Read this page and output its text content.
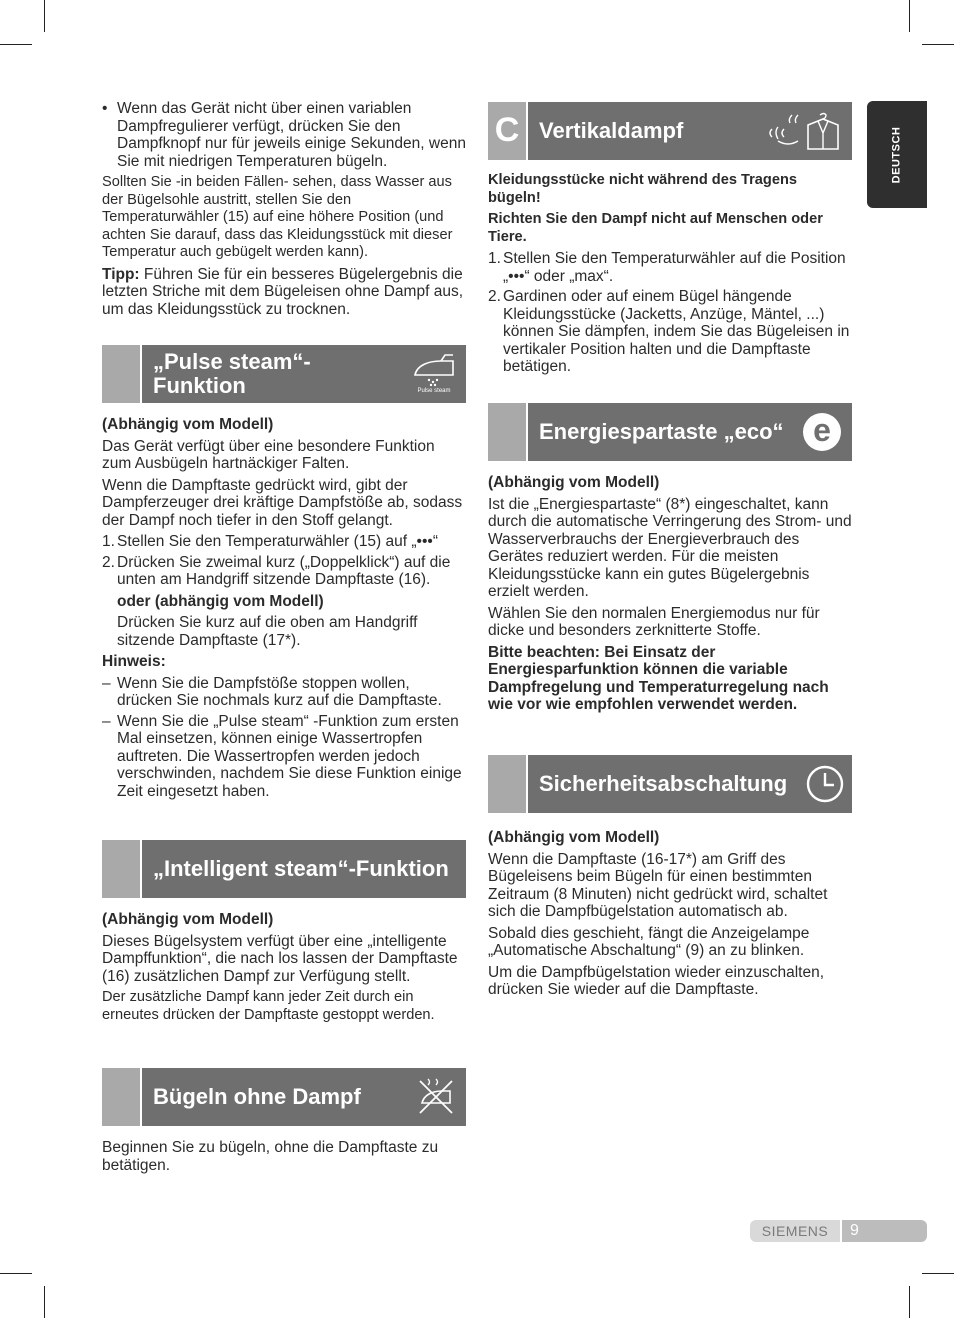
DEUTSCH
• Wenn das Gerät nicht über einen variablen Dampfregulierer verfügt, drücken Sie den Dampfknopf nur für jeweils einige Sekunden, wenn Sie mit niedrigen Temperaturen bügeln.

Sollten Sie -in beiden Fällen- sehen, dass Wasser aus der Bügelsohle austritt, stellen Sie den Temperaturwähler (15) auf eine höhere Position (und achten Sie darauf, dass das Kleidungsstück mit dieser Temperatur auch gebügelt werden kann).

Tipp: Führen Sie für ein besseres Bügelergebnis die letzten Striche mit dem Bügeleisen ohne Dampf aus, um das Kleidungsstück zu trocknen.

„Pulse steam“-Funktion	Pulse steam

(Abhängig vom Modell)

Das Gerät verfügt über eine besondere Funktion zum Ausbügeln hartnäckiger Falten.

Wenn die Dampftaste gedrückt wird, gibt der Dampferzeuger drei kräftige Dampfstöße ab, sodass der Dampf noch tiefer in den Stoff gelangt.

1. Stellen Sie den Temperaturwähler (15) auf „•••“
2. Drücken Sie zweimal kurz („Doppelklick“) auf die unten am Handgriff sitzende Dampftaste (16).

oder (abhängig vom Modell)

Drücken Sie kurz auf die oben am Handgriff sitzende Dampftaste (17*).

Hinweis:

– Wenn Sie die Dampfstöße stoppen wollen, drücken Sie nochmals kurz auf die Dampftaste.
– Wenn Sie die „Pulse steam“ -Funktion zum ersten Mal einsetzen, können einige Wassertropfen auftreten. Die Wassertropfen werden jedoch verschwinden, nachdem Sie diese Funktion einige Zeit eingesetzt haben.
„Intelligent steam“-Funktion

(Abhängig vom Modell)

Dieses Bügelsystem verfügt über eine „intelligente Dampffunktion“, die nach los lassen der Dampftaste (16) zusätzlichen Dampf zur Verfügung stellt.

Der zusätzliche Dampf kann jeder Zeit durch ein erneutes drücken der Dampftaste gestoppt werden.

Bügeln ohne Dampf

Beginnen Sie zu bügeln, ohne die Dampftaste zu betätigen.

C Vertikaldampf

Kleidungsstücke nicht während des Tragens bügeln!

Richten Sie den Dampf nicht auf Menschen oder Tiere.

1. Stellen Sie den Temperaturwähler auf die Position „•••“ oder „max“.
2. Gardinen oder auf einem Bügel hängende Kleidungsstücke (Jacketts, Anzüge, Mäntel, ...) können Sie dämpfen, indem Sie das Bügeleisen in vertikaler Position halten und die Dampftaste betätigen.
Energiespartaste „eco“ e

(Abhängig vom Modell)

Ist die „Energiespartaste“ (8*) eingeschaltet, kann durch die automatische Verringerung des Strom- und Wasserverbrauchs der Energieverbrauch des Gerätes reduziert werden. Für die meisten Kleidungsstücke kann ein gutes Bügelergebnis erzielt werden.

Wählen Sie den normalen Energiemodus nur für dicke und besonders zerknitterte Stoffe.

Bitte beachten: Bei Einsatz der Energiesparfunktion können die variable Dampfregelung und Temperaturregelung nach wie vor wie empfohlen verwendet werden.

Sicherheitsabschaltung

(Abhängig vom Modell)

Wenn die Dampftaste (16-17*) am Griff des Bügeleisens beim Bügeln für einen bestimmten Zeitraum (8 Minuten) nicht gedrückt wird, schaltet sich die Dampfbügelstation automatisch ab.

Sobald dies geschieht, fängt die Anzeigelampe „Automatische Abschaltung“ (9) an zu blinken.

Um die Dampfbügelstation wieder einzuschalten, drücken Sie wieder auf die Dampftaste.

SIEMENS	9
